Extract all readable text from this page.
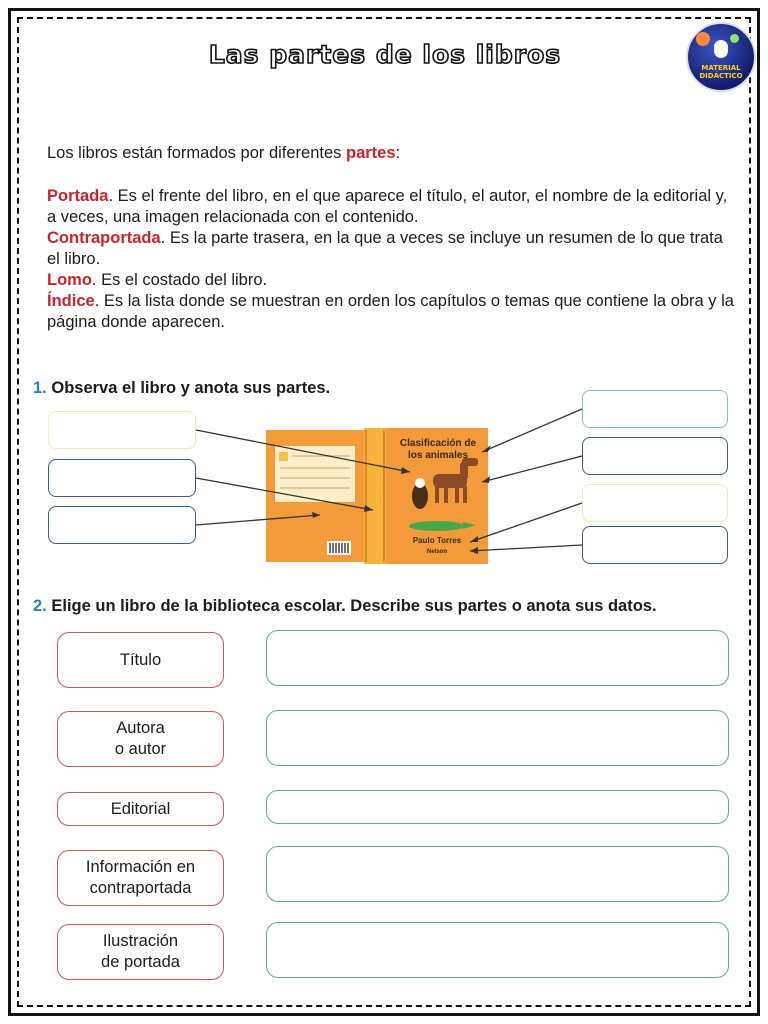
Las partes de los libros	MATERIAL DIDÁCTICO
Los libros están formados por diferentes partes:
Portada. Es el frente del libro, en el que aparece el título, el autor, el nombre de la editorial y, a veces, una imagen relacionada con el contenido.
Contraportada. Es la parte trasera, en la que a veces se incluye un resumen de lo que trata el libro.
Lomo. Es el costado del libro.
Índice. Es la lista donde se muestran en orden los capítulos o temas que contiene la obra y la página donde aparecen.
1. Observa el libro y anota sus partes.
Clasificación de
los animales
Paulo Torres
Nelson
2. Elige un libro de la biblioteca escolar. Describe sus partes o anota sus datos.
Título
Autora
o autor
Editorial
Información en
contraportada
Ilustración
de portada
